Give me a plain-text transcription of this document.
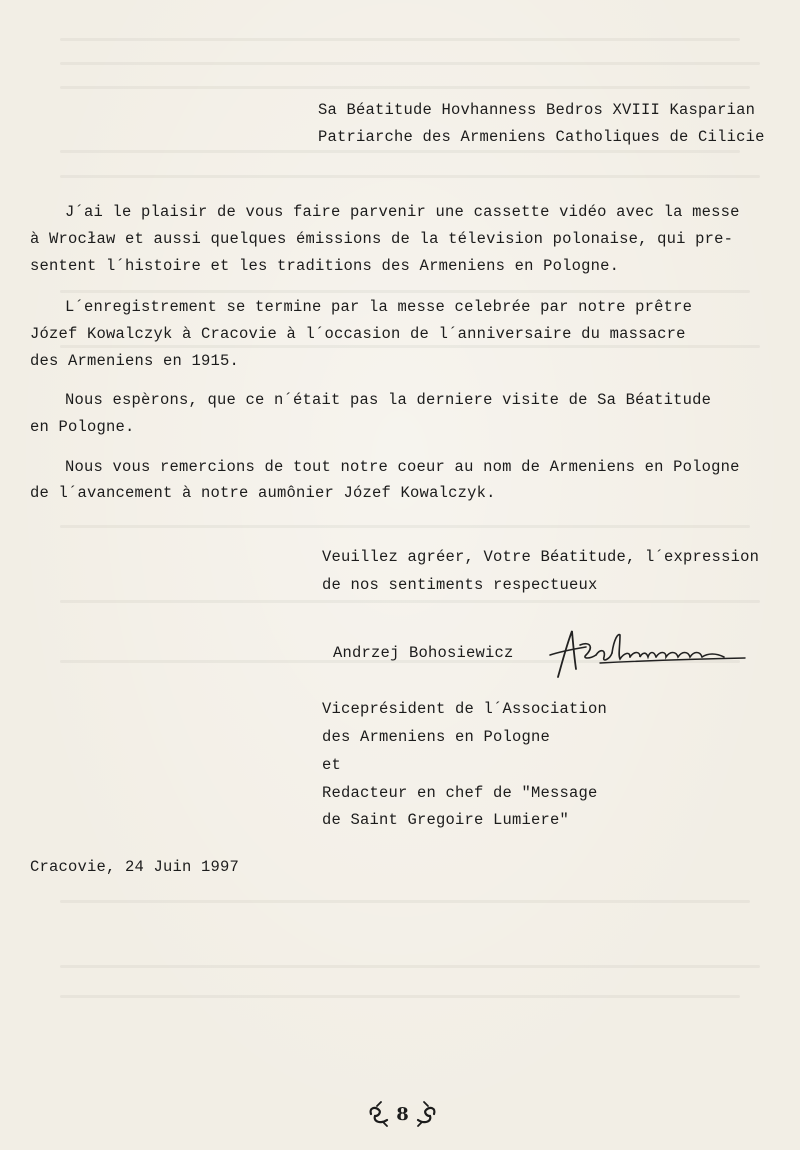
Sa Béatitude Hovhanness Bedros XVIII Kasparian
Patriarche des Armeniens Catholiques de Cilicie
J´ai le plaisir de vous faire parvenir une cassette vidéo avec la messe
à Wrocław et aussi quelques émissions de la télevision polonaise, qui pre-
sentent l´histoire et les traditions des Armeniens en Pologne.
L´enregistrement se termine par la messe celebrée par notre prêtre
Józef Kowalczyk à Cracovie à l´occasion de l´anniversaire du massacre
des Armeniens en 1915.
Nous espèrons, que ce n´était pas la derniere visite de Sa Béatitude
en Pologne.
Nous vous remercions de tout notre coeur au nom de Armeniens en Pologne
de l´avancement à notre aumônier Józef Kowalczyk.
Veuillez agréer, Votre Béatitude, l´expression
de nos sentiments respectueux
Andrzej Bohosiewicz
Viceprésident de l´Association
des Armeniens en Pologne
et
Redacteur en chef de "Message
de Saint Gregoire Lumiere"
Cracovie, 24 Juin 1997
8
